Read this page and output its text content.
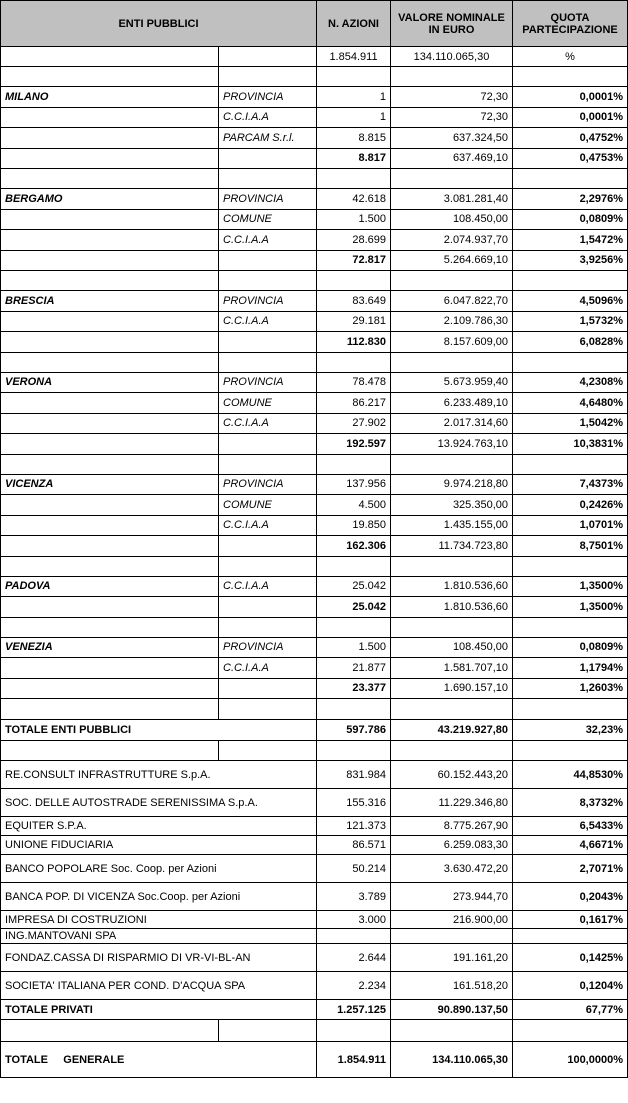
ENTI PUBBLICI		N. AZIONI	VALORE NOMINALE IN EURO	QUOTA PARTECIPAZIONE
		1.854.911	134.110.065,30	%

MILANO	PROVINCIA	1	72,30	0,0001%
	C.C.I.A.A	1	72,30	0,0001%
	PARCAM S.r.l.	8.815	637.324,50	0,4752%
		8.817	637.469,10	0,4753%

BERGAMO	PROVINCIA	42.618	3.081.281,40	2,2976%
	COMUNE	1.500	108.450,00	0,0809%
	C.C.I.A.A	28.699	2.074.937,70	1,5472%
		72.817	5.264.669,10	3,9256%

BRESCIA	PROVINCIA	83.649	6.047.822,70	4,5096%
	C.C.I.A.A	29.181	2.109.786,30	1,5732%
		112.830	8.157.609,00	6,0828%

VERONA	PROVINCIA	78.478	5.673.959,40	4,2308%
	COMUNE	86.217	6.233.489,10	4,6480%
	C.C.I.A.A	27.902	2.017.314,60	1,5042%
		192.597	13.924.763,10	10,3831%

VICENZA	PROVINCIA	137.956	9.974.218,80	7,4373%
	COMUNE	4.500	325.350,00	0,2426%
	C.C.I.A.A	19.850	1.435.155,00	1,0701%
		162.306	11.734.723,80	8,7501%

PADOVA	C.C.I.A.A	25.042	1.810.536,60	1,3500%
		25.042	1.810.536,60	1,3500%

VENEZIA	PROVINCIA	1.500	108.450,00	0,0809%
	C.C.I.A.A	21.877	1.581.707,10	1,1794%
		23.377	1.690.157,10	1,2603%

TOTALE ENTI PUBBLICI		597.786	43.219.927,80	32,23%

RE.CONSULT INFRASTRUTTURE S.p.A.		831.984	60.152.443,20	44,8530%
SOC. DELLE AUTOSTRADE SERENISSIMA S.p.A.		155.316	11.229.346,80	8,3732%
EQUITER S.P.A.		121.373	8.775.267,90	6,5433%
UNIONE FIDUCIARIA		86.571	6.259.083,30	4,6671%
BANCO POPOLARE Soc. Coop. per Azioni		50.214	3.630.472,20	2,7071%
BANCA POP. DI VICENZA Soc.Coop. per Azioni		3.789	273.944,70	0,2043%
IMPRESA DI COSTRUZIONI		3.000	216.900,00	0,1617%
ING.MANTOVANI SPA				
FONDAZ.CASSA DI RISPARMIO DI VR-VI-BL-AN		2.644	191.161,20	0,1425%
SOCIETA' ITALIANA PER COND. D'ACQUA SPA		2.234	161.518,20	0,1204%
TOTALE PRIVATI		1.257.125	90.890.137,50	67,77%

TOTALE     GENERALE		1.854.911	134.110.065,30	100,0000%
